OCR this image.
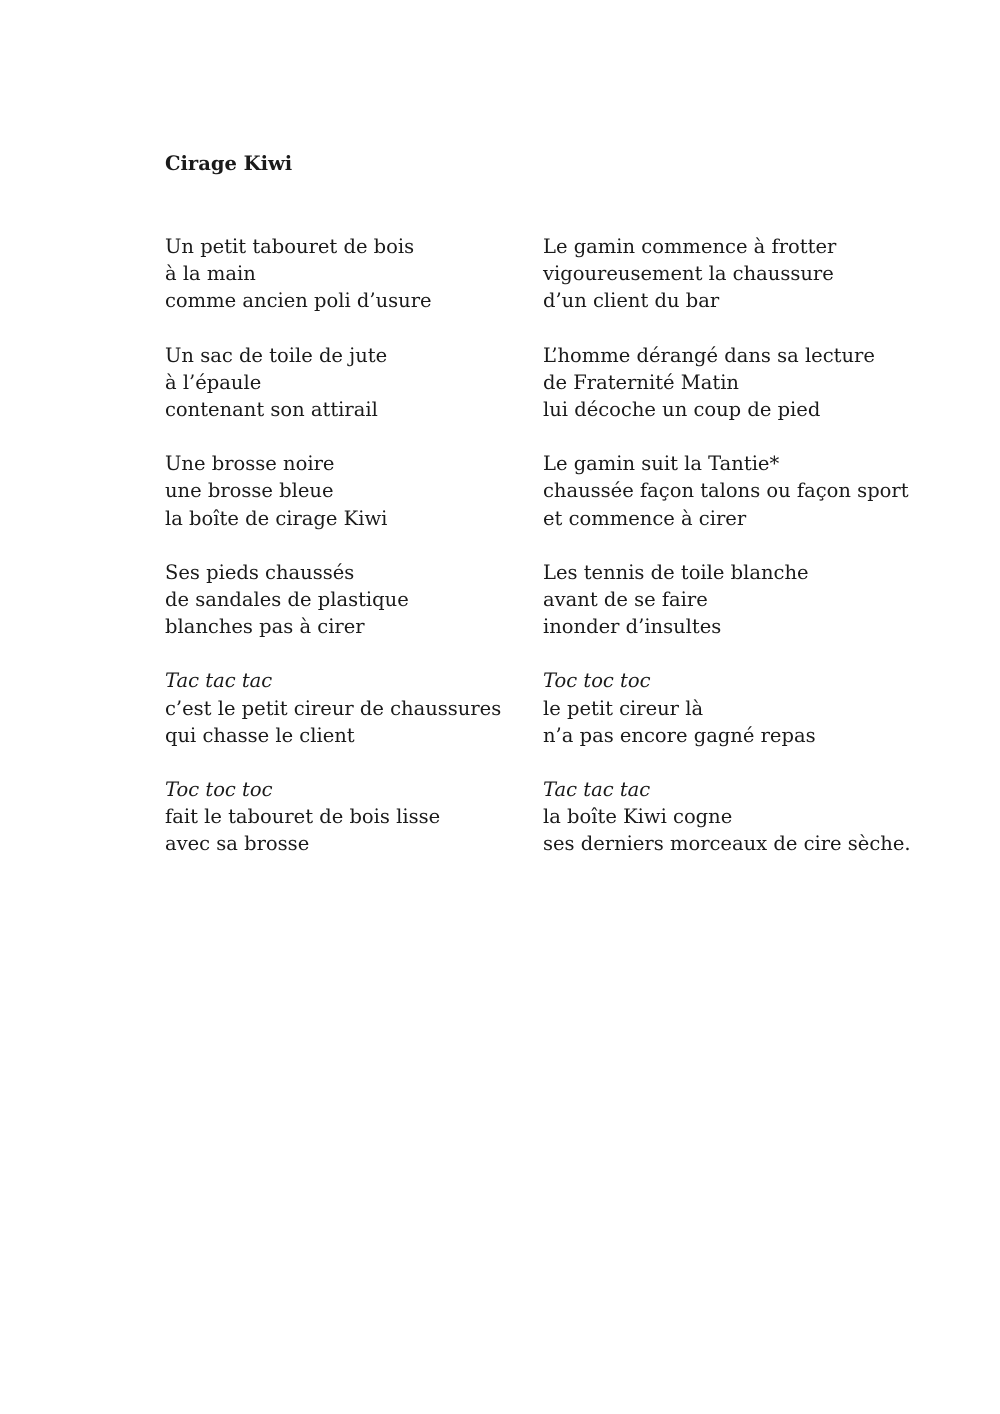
Cirage Kiwi

Un petit tabouret de bois
à la main
comme ancien poli d’usure

Un sac de toile de jute
à l’épaule
contenant son attirail

Une brosse noire
une brosse bleue
la boîte de cirage Kiwi

Ses pieds chaussés
de sandales de plastique
blanches pas à cirer

Tac tac tac
c’est le petit cireur de chaussures
qui chasse le client

Toc toc toc
fait le tabouret de bois lisse
avec sa brosse

Le gamin commence à frotter
vigoureusement la chaussure
d’un client du bar

L’homme dérangé dans sa lecture
de Fraternité Matin
lui décoche un coup de pied

Le gamin suit la Tantie*
chaussée façon talons ou façon sport
et commence à cirer

Les tennis de toile blanche
avant de se faire
inonder d’insultes

Toc toc toc
le petit cireur là
n’a pas encore gagné repas

Tac tac tac
la boîte Kiwi cogne
ses derniers morceaux de cire sèche.
